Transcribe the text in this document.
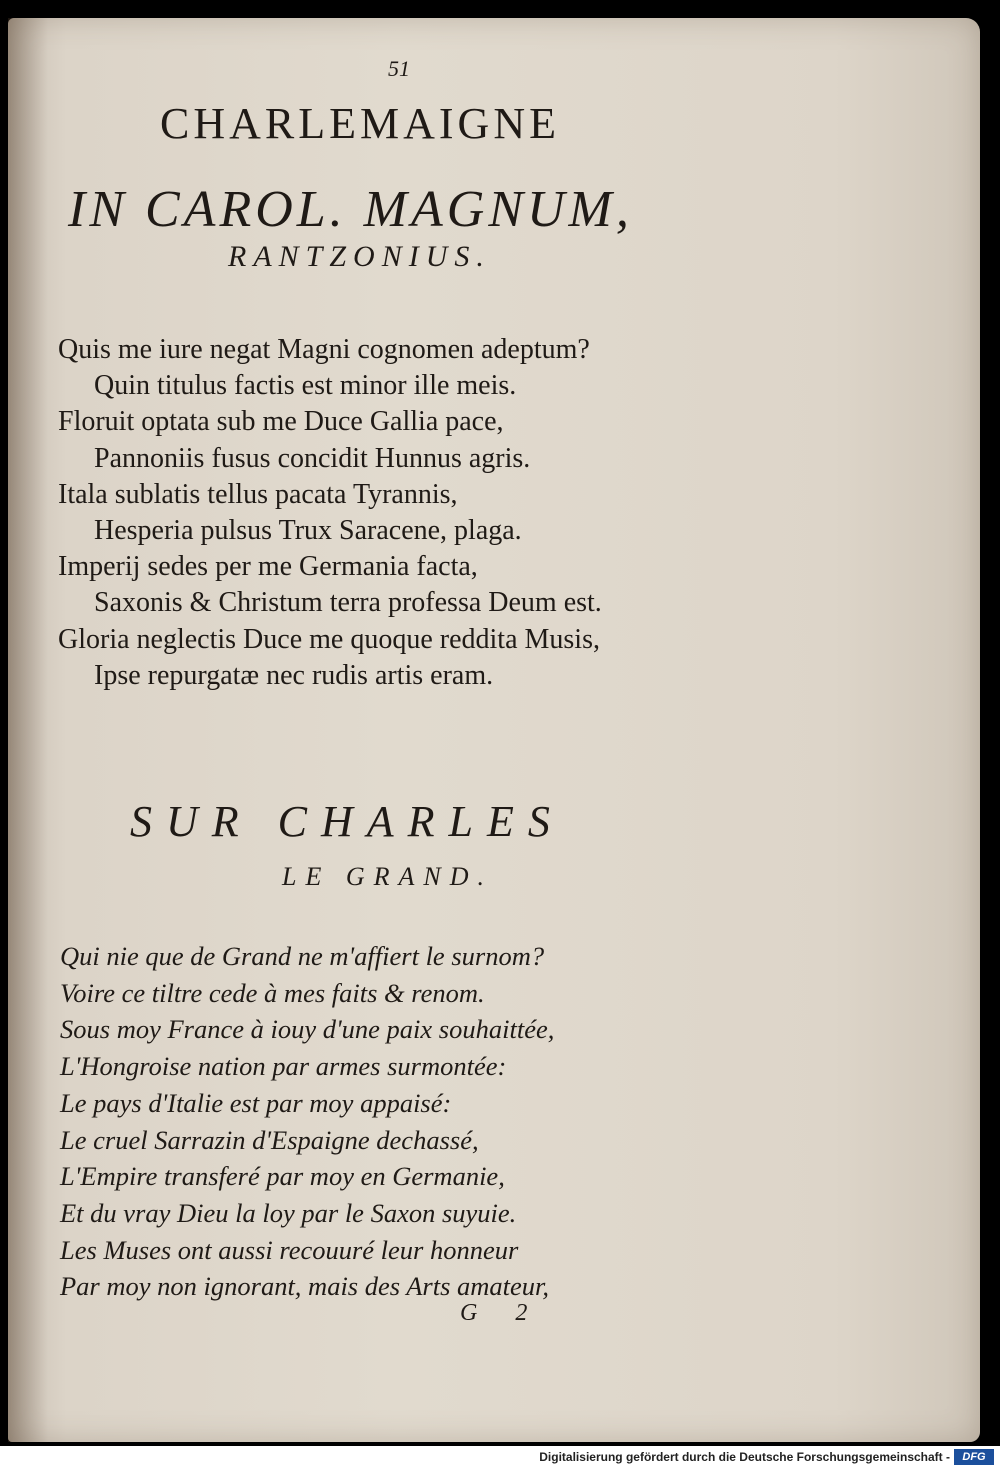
51
CHARLEMAIGNE
IN CAROL. MAGNUM,
RANTZONIUS.
Quis me iure negat Magni cognomen adeptum?
Quin titulus factis est minor ille meis.
Floruit optata sub me Duce Gallia pace,
Pannoniis fusus concidit Hunnus agris.
Itala sublatis tellus pacata Tyrannis,
Hesperia pulsus Trux Saracene, plaga.
Imperij sedes per me Germania facta,
Saxonis & Christum terra professa Deum est.
Gloria neglectis Duce me quoque reddita Musis,
Ipse repurgatæ nec rudis artis eram.
SUR CHARLES
LE GRAND.
Qui nie que de Grand ne m'affiert le surnom?
Voire ce tiltre cede à mes faits & renom.
Sous moy France à iouy d'une paix souhaittée,
L'Hongroise nation par armes surmontée:
Le pays d'Italie est par moy appaisé:
Le cruel Sarrazin d'Espaigne dechassé,
L'Empire transferé par moy en Germanie,
Et du vray Dieu la loy par le Saxon suyuie.
Les Muses ont aussi recouuré leur honneur
Par moy non ignorant, mais des Arts amateur,
G 2
Digitalisierung gefördert durch die Deutsche Forschungsgemeinschaft -	DFG
